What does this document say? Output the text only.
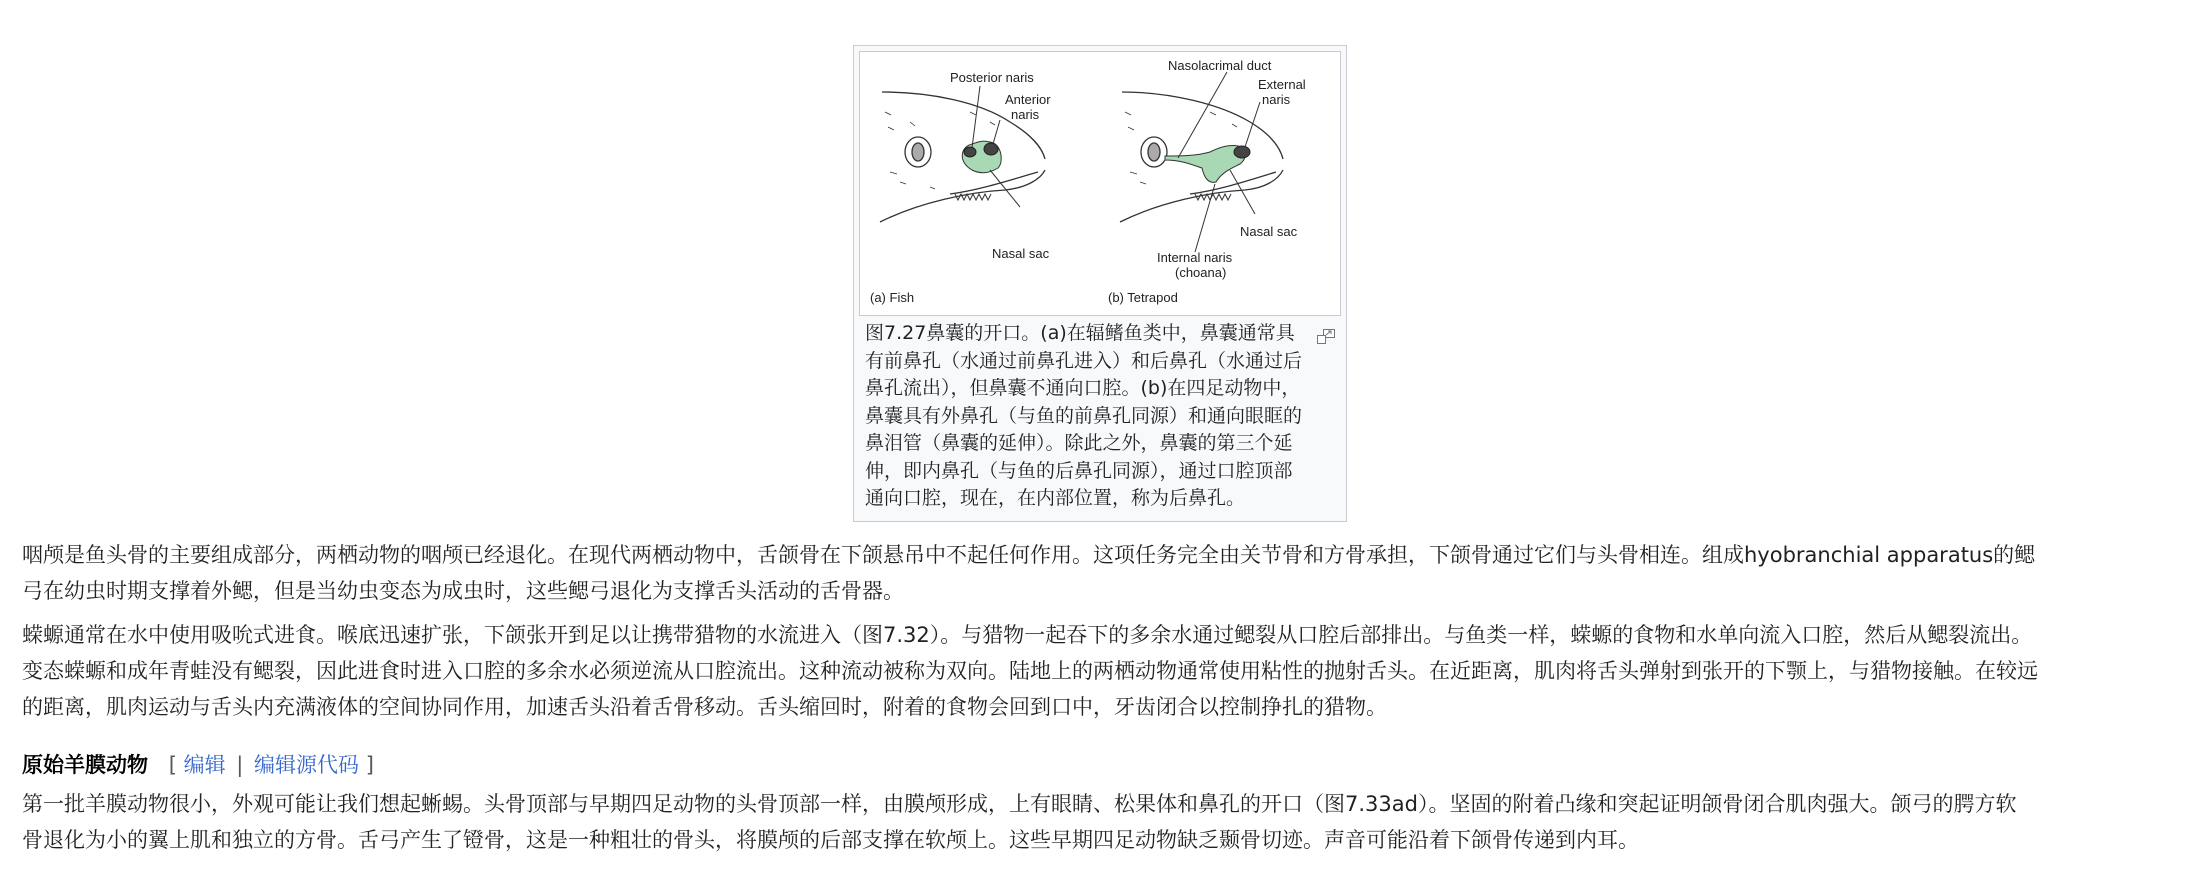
Posterior naris
Anterior
naris
Nasal sac
(a) Fish
Nasolacrimal duct
External
naris
Nasal sac
Internal naris
(choana)
(b) Tetrapod
图7.27鼻囊的开口。(a)在辐鳍鱼类中，鼻囊通常具
有前鼻孔（水通过前鼻孔进入）和后鼻孔（水通过后
鼻孔流出），但鼻囊不通向口腔。(b)在四足动物中，
鼻囊具有外鼻孔（与鱼的前鼻孔同源）和通向眼眶的
鼻泪管（鼻囊的延伸）。除此之外，鼻囊的第三个延
伸，即内鼻孔（与鱼的后鼻孔同源），通过口腔顶部
通向口腔，现在，在内部位置，称为后鼻孔。
咽颅是鱼头骨的主要组成部分，两栖动物的咽颅已经退化。在现代两栖动物中，舌颌骨在下颌悬吊中不起任何作用。这项任务完全由关节骨和方骨承担，下颌骨通过它们与头骨相连。组成hyobranchial apparatus的鳃
弓在幼虫时期支撑着外鳃，但是当幼虫变态为成虫时，这些鳃弓退化为支撑舌头活动的舌骨器。
蝾螈通常在水中使用吸吮式进食。喉底迅速扩张，下颌张开到足以让携带猎物的水流进入（图7.32）。与猎物一起吞下的多余水通过鳃裂从口腔后部排出。与鱼类一样，蝾螈的食物和水单向流入口腔，然后从鳃裂流出。
变态蝾螈和成年青蛙没有鳃裂，因此进食时进入口腔的多余水必须逆流从口腔流出。这种流动被称为双向。陆地上的两栖动物通常使用粘性的抛射舌头。在近距离，肌肉将舌头弹射到张开的下颚上，与猎物接触。在较远
的距离，肌肉运动与舌头内充满液体的空间协同作用，加速舌头沿着舌骨移动。舌头缩回时，附着的食物会回到口中，牙齿闭合以控制挣扎的猎物。
原始羊膜动物 [ 编辑 | 编辑源代码 ]
第一批羊膜动物很小，外观可能让我们想起蜥蜴。头骨顶部与早期四足动物的头骨顶部一样，由膜颅形成，上有眼睛、松果体和鼻孔的开口（图7.33ad）。坚固的附着凸缘和突起证明颌骨闭合肌肉强大。颌弓的腭方软
骨退化为小的翼上肌和独立的方骨。舌弓产生了镫骨，这是一种粗壮的骨头，将膜颅的后部支撑在软颅上。这些早期四足动物缺乏颞骨切迹。声音可能沿着下颌骨传递到内耳。
